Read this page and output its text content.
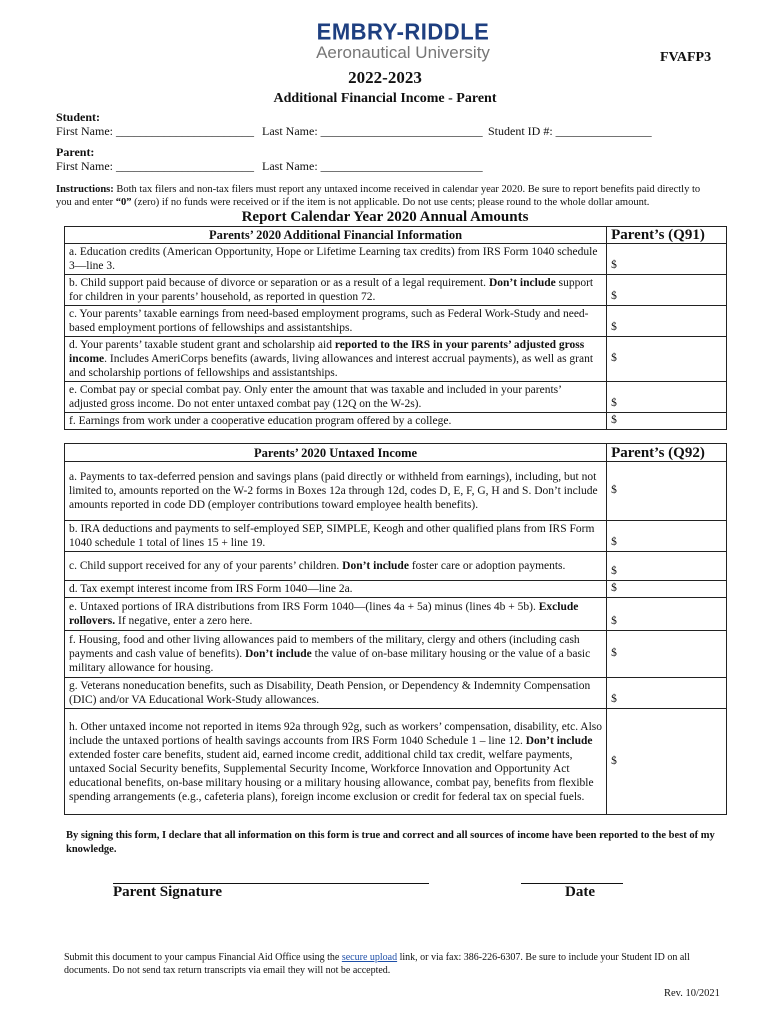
EMBRY-RIDDLE
Aeronautical University	FVAFP3
2022-2023
Additional Financial Income - Parent
Student:
First Name: _______________________ Last Name: ___________________________ Student ID #: ________________
Parent:
First Name: _______________________ Last Name: ___________________________
Instructions: Both tax filers and non-tax filers must report any untaxed income received in calendar year 2020. Be sure to report benefits paid directly to you and enter “0” (zero) if no funds were received or if the item is not applicable. Do not use cents; please round to the whole dollar amount.
Report Calendar Year 2020 Annual Amounts
Parents’ 2020 Additional Financial Information	Parent’s (Q91)
a. Education credits (American Opportunity, Hope or Lifetime Learning tax credits) from IRS Form 1040 schedule 3—line 3.	$
b. Child support paid because of divorce or separation or as a result of a legal requirement. Don’t include support for children in your parents’ household, as reported in question 72.	$
c. Your parents’ taxable earnings from need-based employment programs, such as Federal Work-Study and need-based employment portions of fellowships and assistantships.	$
d. Your parents’ taxable student grant and scholarship aid reported to the IRS in your parents’ adjusted gross income. Includes AmeriCorps benefits (awards, living allowances and interest accrual payments), as well as grant and scholarship portions of fellowships and assistantships.	$
e. Combat pay or special combat pay. Only enter the amount that was taxable and included in your parents’ adjusted gross income. Do not enter untaxed combat pay (12Q on the W-2s).	$
f. Earnings from work under a cooperative education program offered by a college.	$
Parents’ 2020 Untaxed Income	Parent’s (Q92)
a. Payments to tax-deferred pension and savings plans (paid directly or withheld from earnings), including, but not limited to, amounts reported on the W-2 forms in Boxes 12a through 12d, codes D, E, F, G, H and S. Don’t include amounts reported in code DD (employer contributions toward employee health benefits).	$
b. IRA deductions and payments to self-employed SEP, SIMPLE, Keogh and other qualified plans from IRS Form 1040 schedule 1 total of lines 15 + line 19.	$
c. Child support received for any of your parents’ children. Don’t include foster care or adoption payments.	$
d. Tax exempt interest income from IRS Form 1040—line 2a.	$
e. Untaxed portions of IRA distributions from IRS Form 1040—(lines 4a + 5a) minus (lines 4b + 5b). Exclude rollovers. If negative, enter a zero here.	$
f. Housing, food and other living allowances paid to members of the military, clergy and others (including cash payments and cash value of benefits). Don’t include the value of on-base military housing or the value of a basic military allowance for housing.	$
g. Veterans noneducation benefits, such as Disability, Death Pension, or Dependency & Indemnity Compensation (DIC) and/or VA Educational Work-Study allowances.	$
h. Other untaxed income not reported in items 92a through 92g, such as workers’ compensation, disability, etc. Also include the untaxed portions of health savings accounts from IRS Form 1040 Schedule 1 – line 12. Don’t include extended foster care benefits, student aid, earned income credit, additional child tax credit, welfare payments, untaxed Social Security benefits, Supplemental Security Income, Workforce Innovation and Opportunity Act educational benefits, on-base military housing or a military housing allowance, combat pay, benefits from flexible spending arrangements (e.g., cafeteria plans), foreign income exclusion or credit for federal tax on special fuels.	$
By signing this form, I declare that all information on this form is true and correct and all sources of income have been reported to the best of my knowledge.
Parent Signature	Date
Submit this document to your campus Financial Aid Office using the secure upload link, or via fax: 386-226-6307. Be sure to include your Student ID on all documents. Do not send tax return transcripts via email they will not be accepted.
Rev. 10/2021
